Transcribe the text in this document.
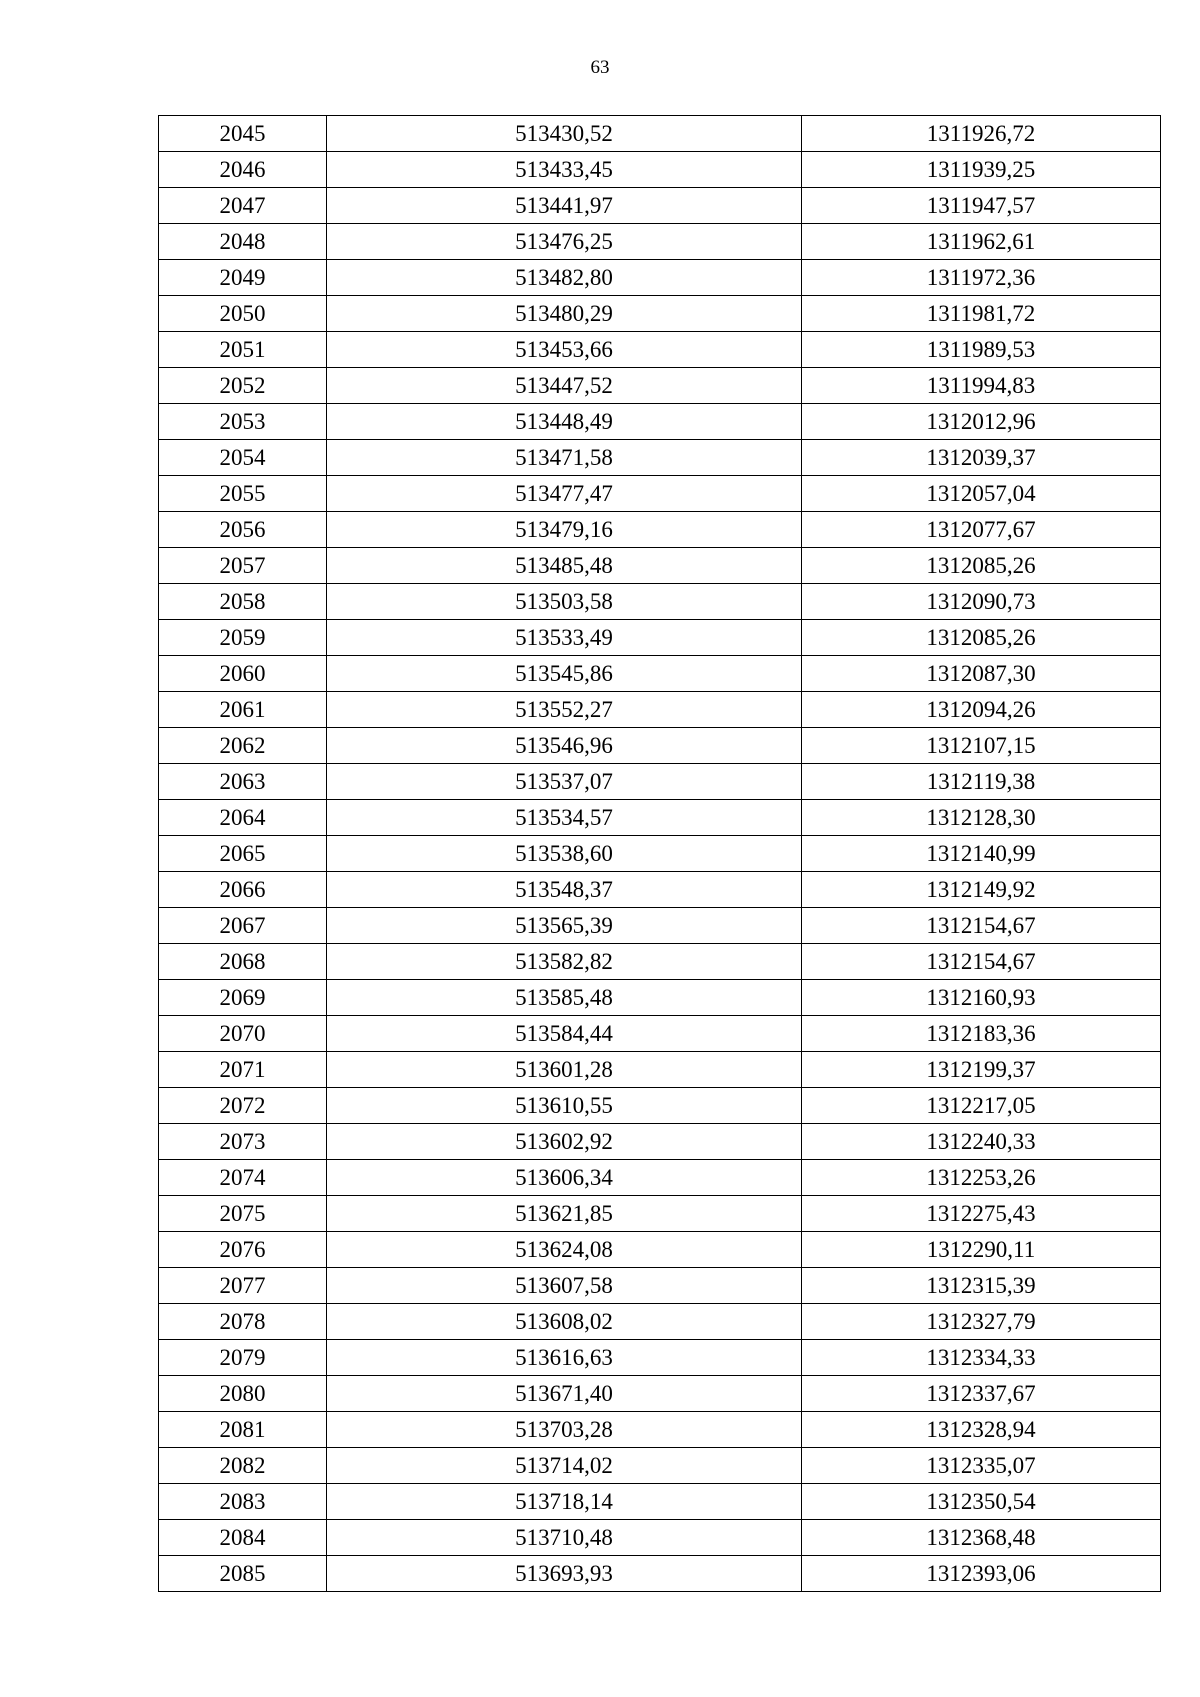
63
2045	513430,52	1311926,72
2046	513433,45	1311939,25
2047	513441,97	1311947,57
2048	513476,25	1311962,61
2049	513482,80	1311972,36
2050	513480,29	1311981,72
2051	513453,66	1311989,53
2052	513447,52	1311994,83
2053	513448,49	1312012,96
2054	513471,58	1312039,37
2055	513477,47	1312057,04
2056	513479,16	1312077,67
2057	513485,48	1312085,26
2058	513503,58	1312090,73
2059	513533,49	1312085,26
2060	513545,86	1312087,30
2061	513552,27	1312094,26
2062	513546,96	1312107,15
2063	513537,07	1312119,38
2064	513534,57	1312128,30
2065	513538,60	1312140,99
2066	513548,37	1312149,92
2067	513565,39	1312154,67
2068	513582,82	1312154,67
2069	513585,48	1312160,93
2070	513584,44	1312183,36
2071	513601,28	1312199,37
2072	513610,55	1312217,05
2073	513602,92	1312240,33
2074	513606,34	1312253,26
2075	513621,85	1312275,43
2076	513624,08	1312290,11
2077	513607,58	1312315,39
2078	513608,02	1312327,79
2079	513616,63	1312334,33
2080	513671,40	1312337,67
2081	513703,28	1312328,94
2082	513714,02	1312335,07
2083	513718,14	1312350,54
2084	513710,48	1312368,48
2085	513693,93	1312393,06
